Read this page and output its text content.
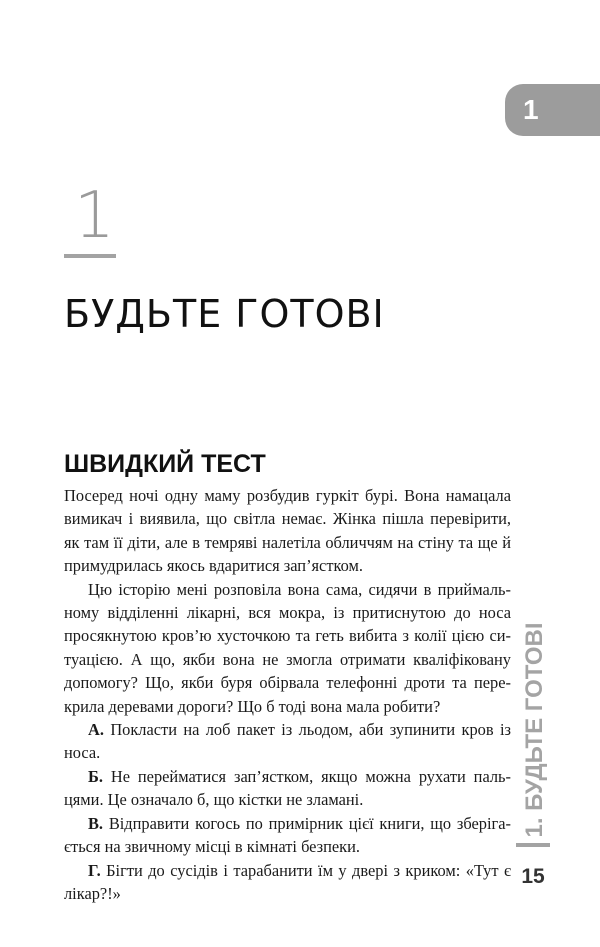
1
1
БУДЬТЕ ГОТОВІ
ШВИДКИЙ ТЕСТ

Посеред ночі одну маму розбудив гуркіт бурі. Вона намацала вимикач і виявила, що світла немає. Жінка пішла перевірити, як там її діти, але в темряві налетіла обличчям на стіну та ще й примудрилась якось вдаритися зап’ястком.

Цю історію мені розповіла вона сама, сидячи в приймальному відділенні лікарні, вся мокра, із притиснутою до носа просякнутою кров’ю хусточкою та геть вибита з колії цією ситуацією. А що, якби вона не змогла отримати кваліфіковану допомогу? Що, якби буря обірвала телефонні дроти та перекрила деревами дороги? Що б тоді вона мала робити?

А. Покласти на лоб пакет із льодом, аби зупинити кров із носа.

Б. Не перейматися зап’ястком, якщо можна рухати пальцями. Це означало б, що кістки не зламані.

В. Відправити когось по примірник цієї книги, що зберігається на звичному місці в кімнаті безпеки.

Г. Бігти до сусідів і тарабанити їм у двері з криком: «Тут є лікар?!»

1. БУДЬТЕ ГОТОВІ
15
